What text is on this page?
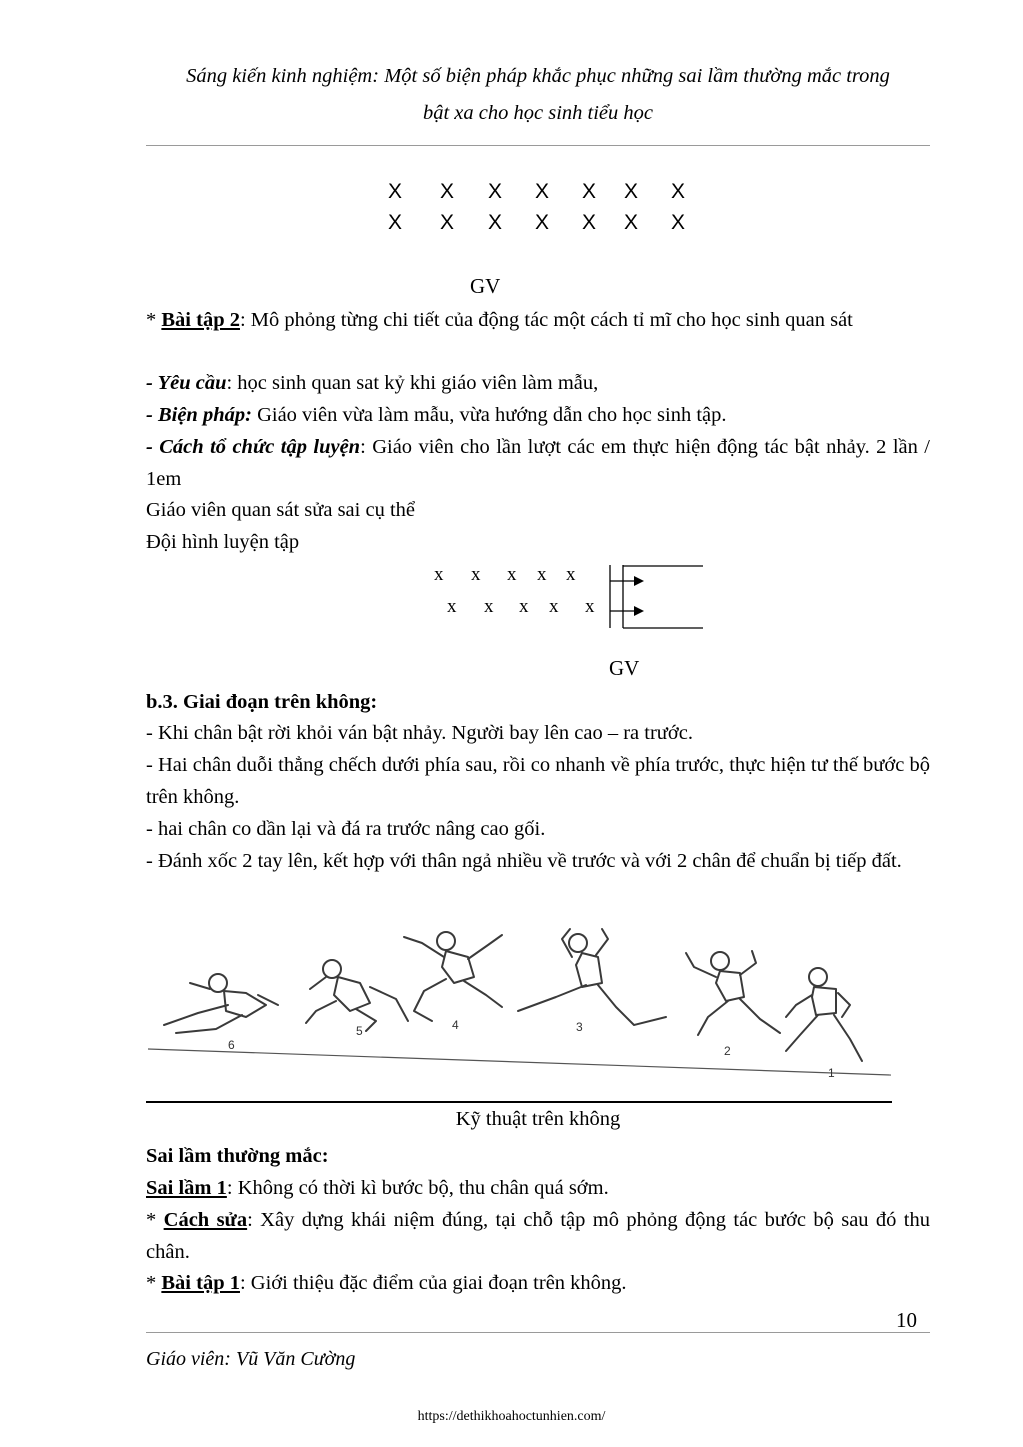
Sáng kiến kinh nghiệm: Một số biện pháp khắc phục những sai lầm thường mắc trong
bật xa cho học sinh tiểu học
X X X X X X X
X X X X X X X
GV
* Bài tập 2: Mô phỏng từng chi tiết của động tác một cách tỉ mĩ cho học sinh quan sát
- Yêu cầu: học sinh quan sat kỷ khi giáo viên làm mẫu,
- Biện pháp: Giáo viên vừa làm mẫu, vừa hướng dẫn cho học sinh tập.
- Cách tổ chức tập luyện: Giáo viên cho lần lượt các em thực hiện động tác bật nhảy. 2 lần / 1em
Giáo viên quan sát sửa sai cụ thể
Đội hình luyện tập
x x x x x
x x x x x
GV
b.3. Giai đoạn trên không:
- Khi chân bật rời khỏi ván bật nhảy. Người bay lên cao – ra trước.
- Hai chân duỗi thẳng chếch dưới phía sau, rồi co nhanh về phía trước, thực hiện tư thế bước bộ trên không.
- hai chân co dần lại và đá ra trước nâng cao gối.
- Đánh xốc 2 tay lên, kết hợp với thân ngả nhiều về trước và với 2 chân để chuẩn bị tiếp đất.
6
5	4	3
2
1
Kỹ thuật trên không
Sai lầm thường mắc:
Sai lầm 1: Không có thời kì bước bộ, thu chân quá sớm.
* Cách sửa: Xây dựng khái niệm đúng, tại chỗ tập mô phỏng động tác bước bộ sau đó thu chân.
* Bài tập 1: Giới thiệu đặc điểm của giai đoạn trên không.
10
Giáo viên: Vũ Văn Cường
https://dethikhoahoctunhien.com/
